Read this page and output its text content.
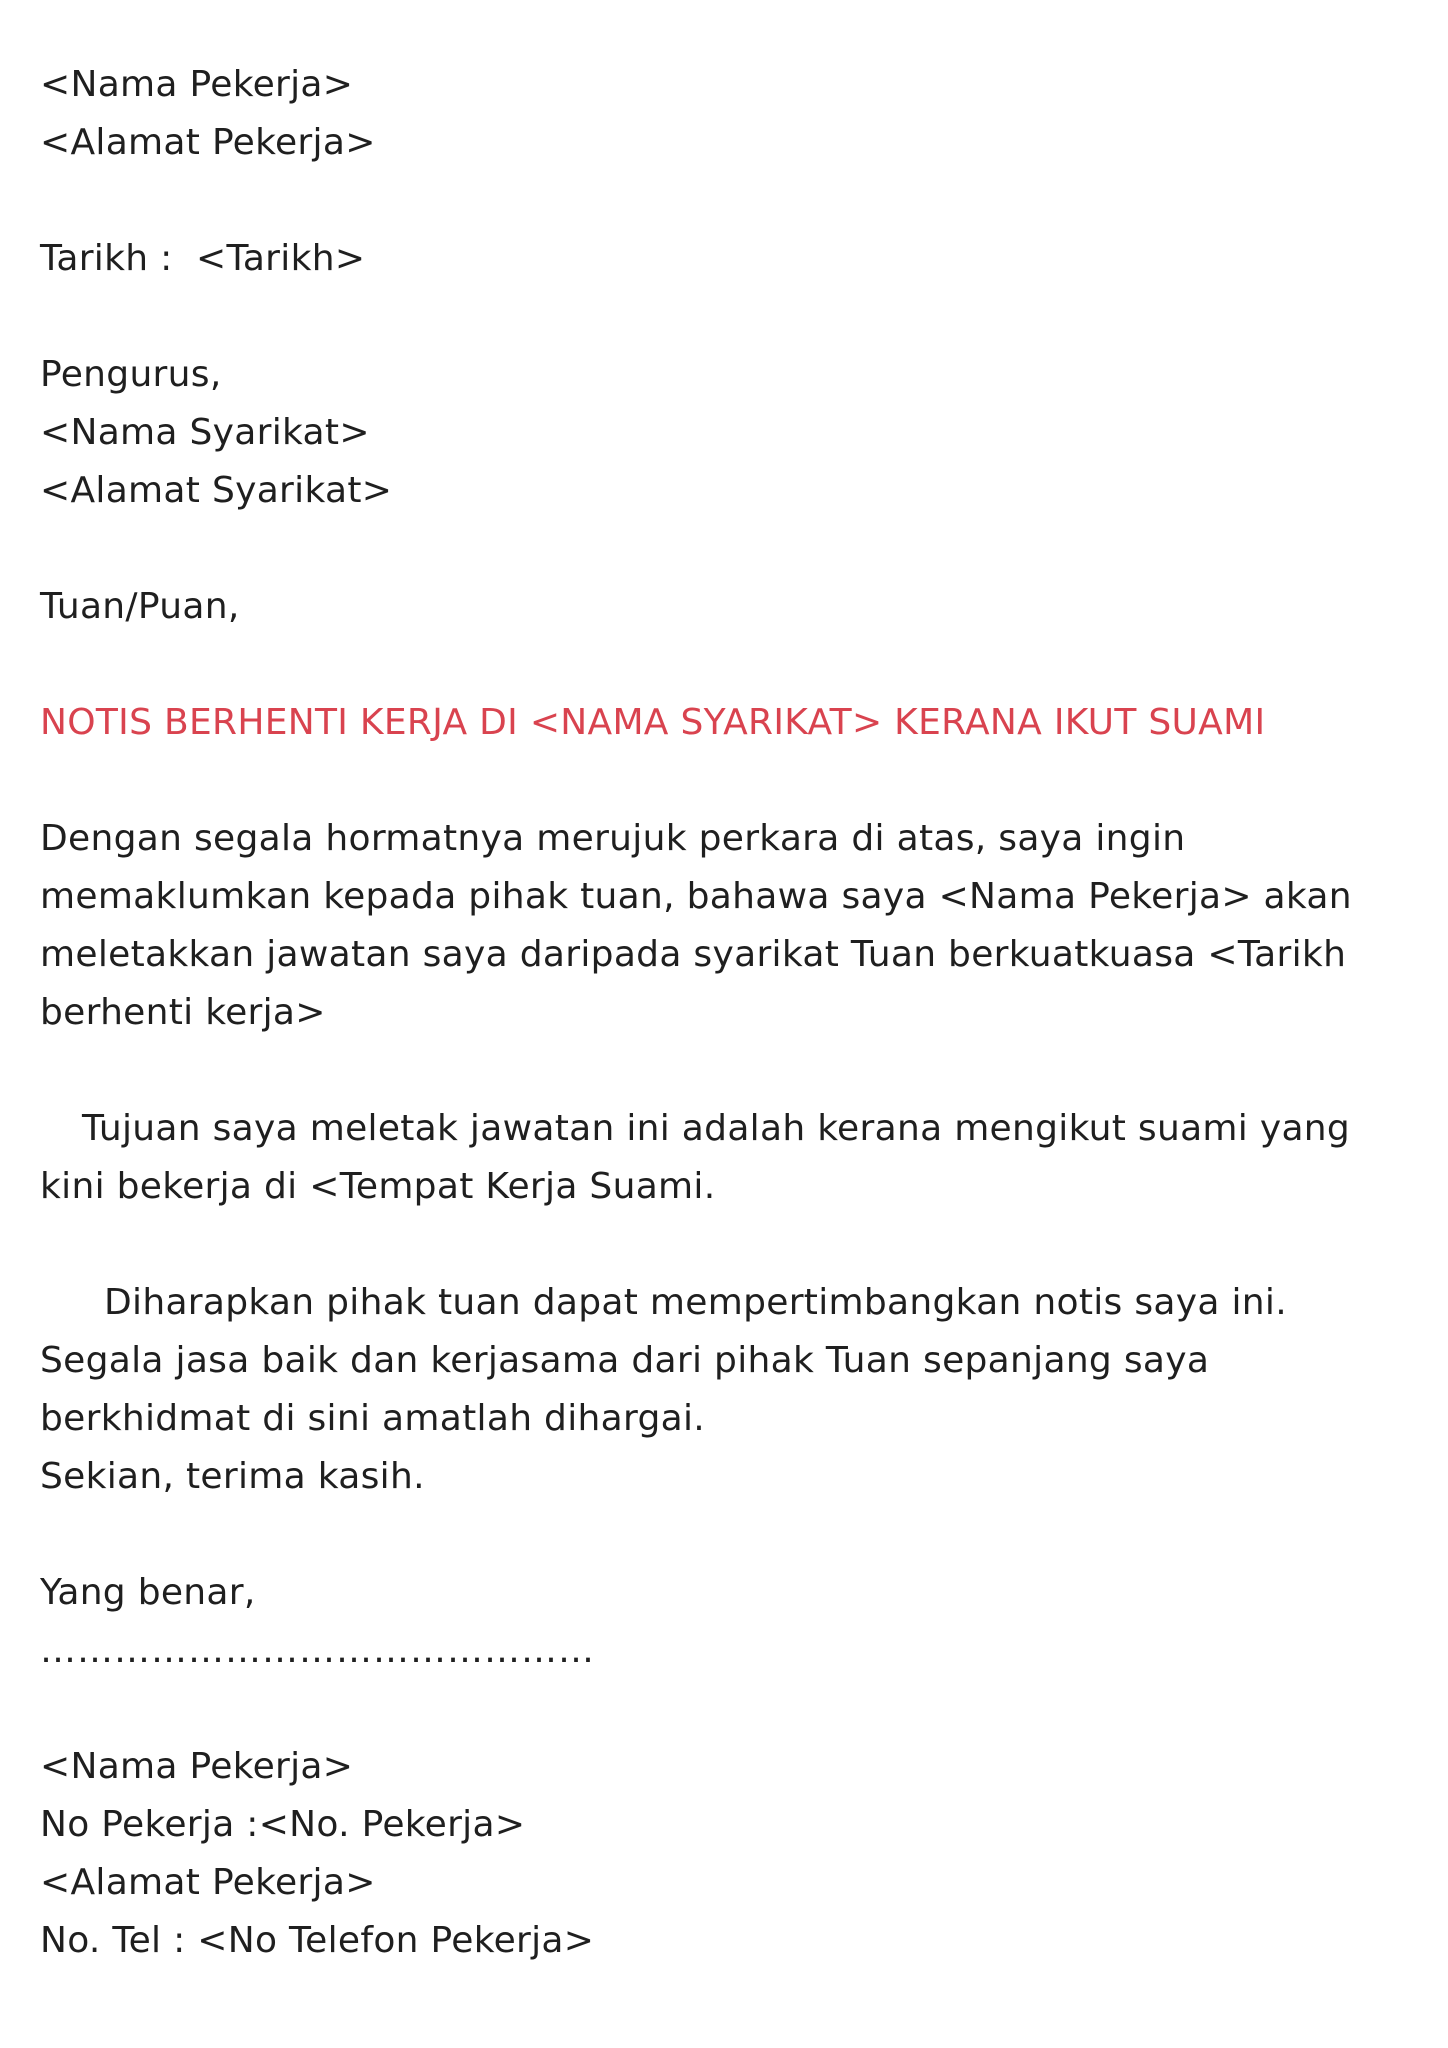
<Nama Pekerja>
<Alamat Pekerja>
Tarikh :  <Tarikh>
Pengurus,
<Nama Syarikat>
<Alamat Syarikat>
Tuan/Puan,
NOTIS BERHENTI KERJA DI <NAMA SYARIKAT> KERANA IKUT SUAMI
Dengan segala hormatnya merujuk perkara di atas, saya ingin
memaklumkan kepada pihak tuan, bahawa saya <Nama Pekerja> akan
meletakkan jawatan saya daripada syarikat Tuan berkuatkuasa <Tarikh
berhenti kerja>
Tujuan saya meletak jawatan ini adalah kerana mengikut suami yang
kini bekerja di <Tempat Kerja Suami.
Diharapkan pihak tuan dapat mempertimbangkan notis saya ini.
Segala jasa baik dan kerjasama dari pihak Tuan sepanjang saya
berkhidmat di sini amatlah dihargai.
Sekian, terima kasih.
Yang benar,
………………………………………
<Nama Pekerja>
No Pekerja :<No. Pekerja>
<Alamat Pekerja>
No. Tel : <No Telefon Pekerja>
